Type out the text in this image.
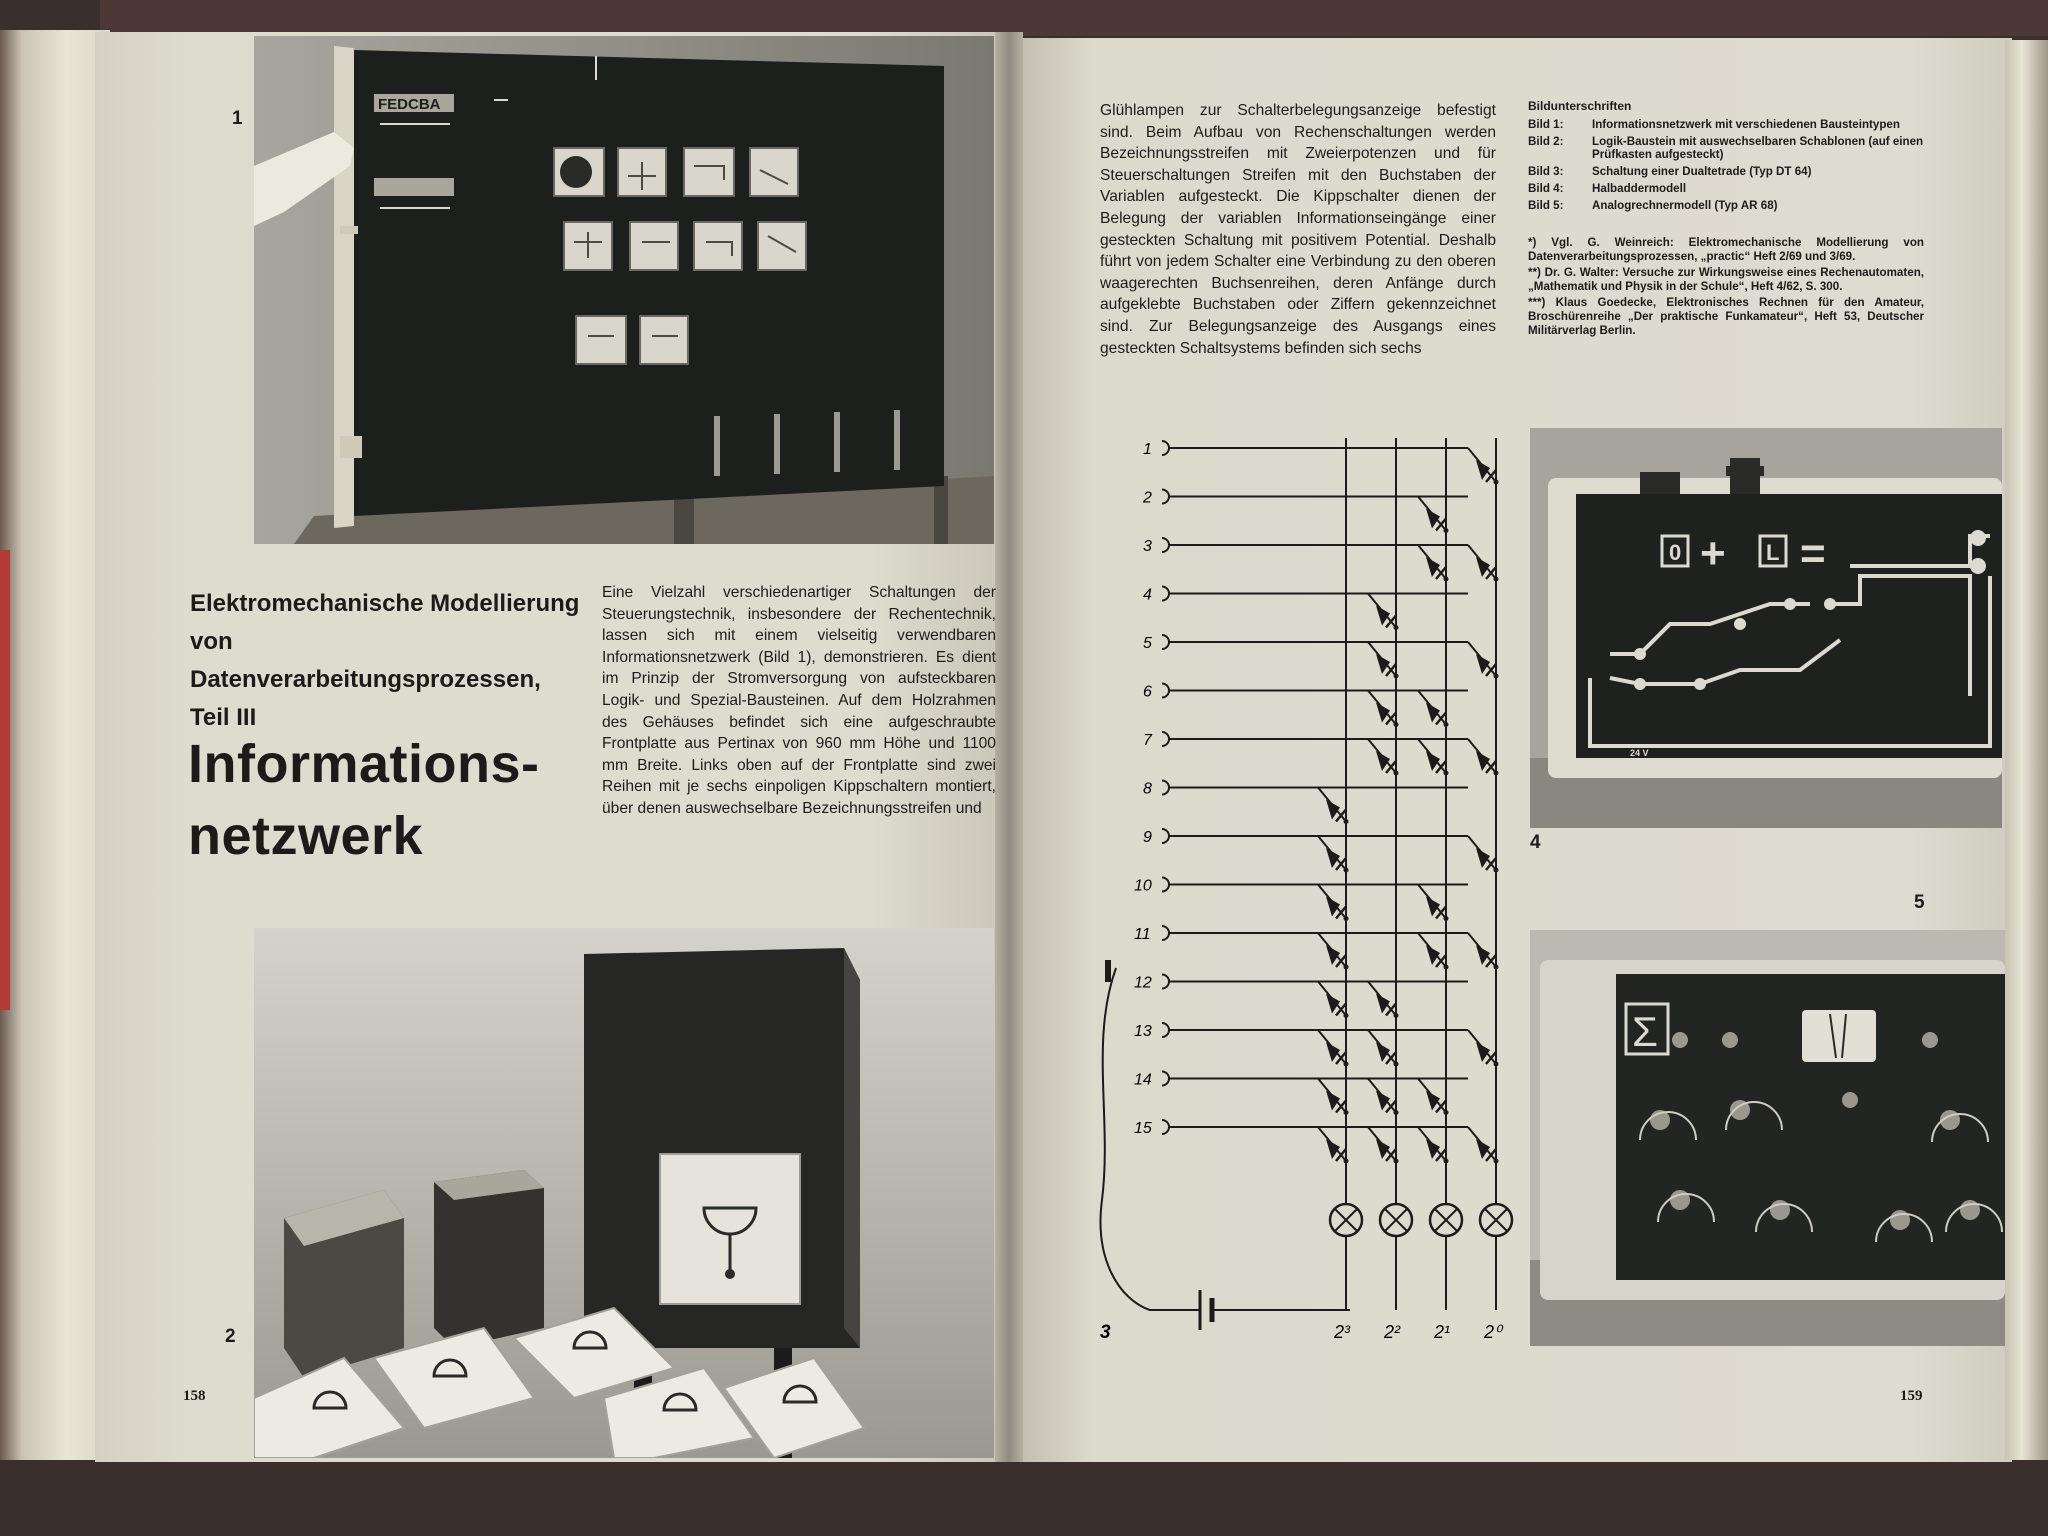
FEDCBA
1
Elektromechanische Modellierung
von Datenverarbeitungsprozessen,
Teil III
Informations-
netzwerk

Eine Vielzahl verschiedenartiger Schaltungen der Steuerungstechnik, insbesondere der Rechentechnik, lassen sich mit einem vielseitig verwendbaren Informationsnetzwerk (Bild 1), demonstrieren. Es dient im Prinzip der Stromversorgung von aufsteckbaren Logik- und Spezial-Bausteinen. Auf dem Holzrahmen des Gehäuses befindet sich eine aufgeschraubte Frontplatte aus Pertinax von 960 mm Höhe und 1100 mm Breite. Links oben auf der Frontplatte sind zwei Reihen mit je sechs einpoligen Kippschaltern montiert, über denen auswechselbare Bezeichnungsstreifen und

2
158

Glühlampen zur Schalterbelegungsanzeige befestigt sind. Beim Aufbau von Rechenschaltungen werden Bezeichnungsstreifen mit Zweierpotenzen und für Steuerschaltungen Streifen mit den Buchstaben der Variablen aufgesteckt. Die Kippschalter dienen der Belegung der variablen Informationseingänge einer gesteckten Schaltung mit positivem Potential. Deshalb führt von jedem Schalter eine Verbindung zu den oberen waagerechten Buchsenreihen, deren Anfänge durch aufgeklebte Buchstaben oder Ziffern gekennzeichnet sind. Zur Belegungsanzeige des Ausgangs eines gesteckten Schaltsystems befinden sich sechs

Bildunterschriften
Bild 1:	Informationsnetzwerk mit verschiedenen Bausteintypen
Bild 2:	Logik-Baustein mit auswechselbaren Schablonen (auf einen Prüfkasten aufgesteckt)
Bild 3:	Schaltung einer Dualtetrade (Typ DT 64)
Bild 4:	Halbaddermodell
Bild 5:	Analogrechnermodell (Typ AR 68)

*) Vgl. G. Weinreich: Elektromechanische Modellierung von Datenverarbeitungsprozessen, „practic“ Heft 2/69 und 3/69.

**) Dr. G. Walter: Versuche zur Wirkungsweise eines Rechenautomaten, „Mathematik und Physik in der Schule“, Heft 4/62, S. 300.

***) Klaus Goedecke, Elektronisches Rechnen für den Amateur, Broschürenreihe „Der praktische Funkamateur“, Heft 53, Deutscher Militärverlag Berlin.

1
2
3
4
5
6
7
8
9
10
11
12
13
14
15
2³ 2² 2¹ 2⁰
3
0 + L =
24 V
4
5
Σ
159
